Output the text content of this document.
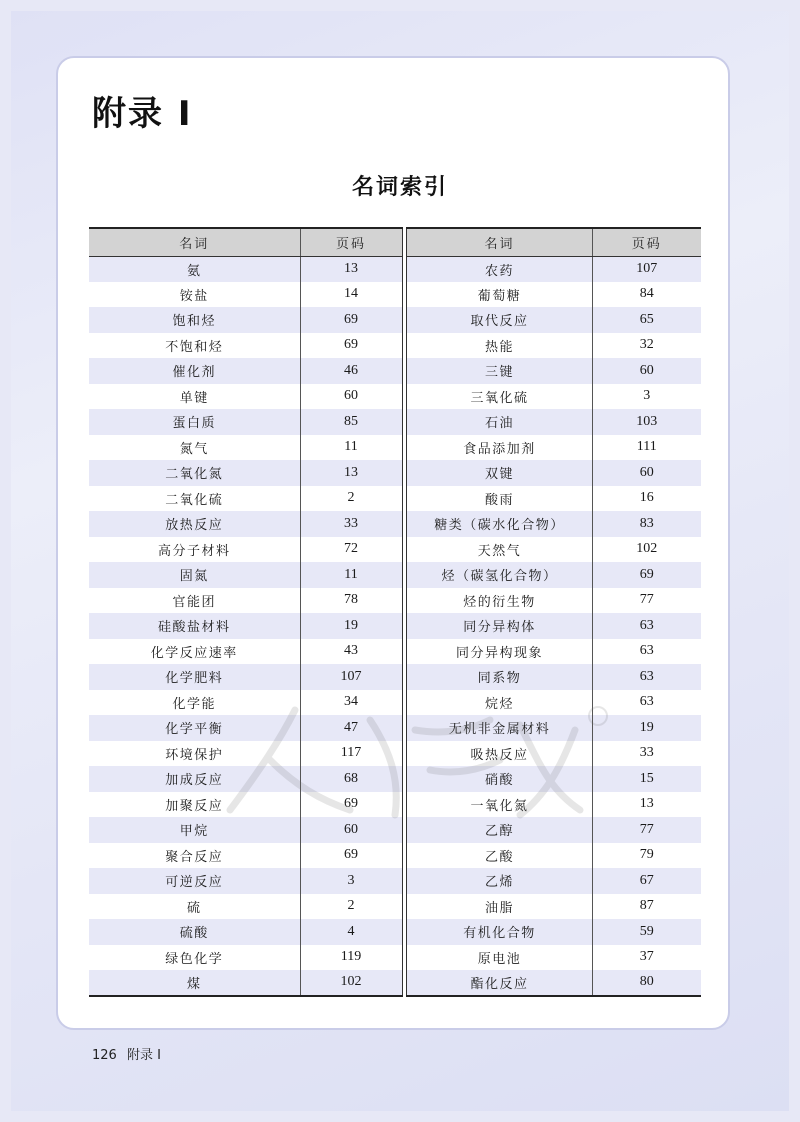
附录 I
名词索引
名词	页码
氨	13
铵盐	14
饱和烃	69
不饱和烃	69
催化剂	46
单键	60
蛋白质	85
氮气	11
二氧化氮	13
二氧化硫	2
放热反应	33
高分子材料	72
固氮	11
官能团	78
硅酸盐材料	19
化学反应速率	43
化学肥料	107
化学能	34
化学平衡	47
环境保护	117
加成反应	68
加聚反应	69
甲烷	60
聚合反应	69
可逆反应	3
硫	2
硫酸	4
绿色化学	119
煤	102
名词	页码
农药	107
葡萄糖	84
取代反应	65
热能	32
三键	60
三氧化硫	3
石油	103
食品添加剂	111
双键	60
酸雨	16
糖类（碳水化合物）	83
天然气	102
烃（碳氢化合物）	69
烃的衍生物	77
同分异构体	63
同分异构现象	63
同系物	63
烷烃	63
无机非金属材料	19
吸热反应	33
硝酸	15
一氧化氮	13
乙醇	77
乙酸	79
乙烯	67
油脂	87
有机化合物	59
原电池	37
酯化反应	80
126 附录 I
